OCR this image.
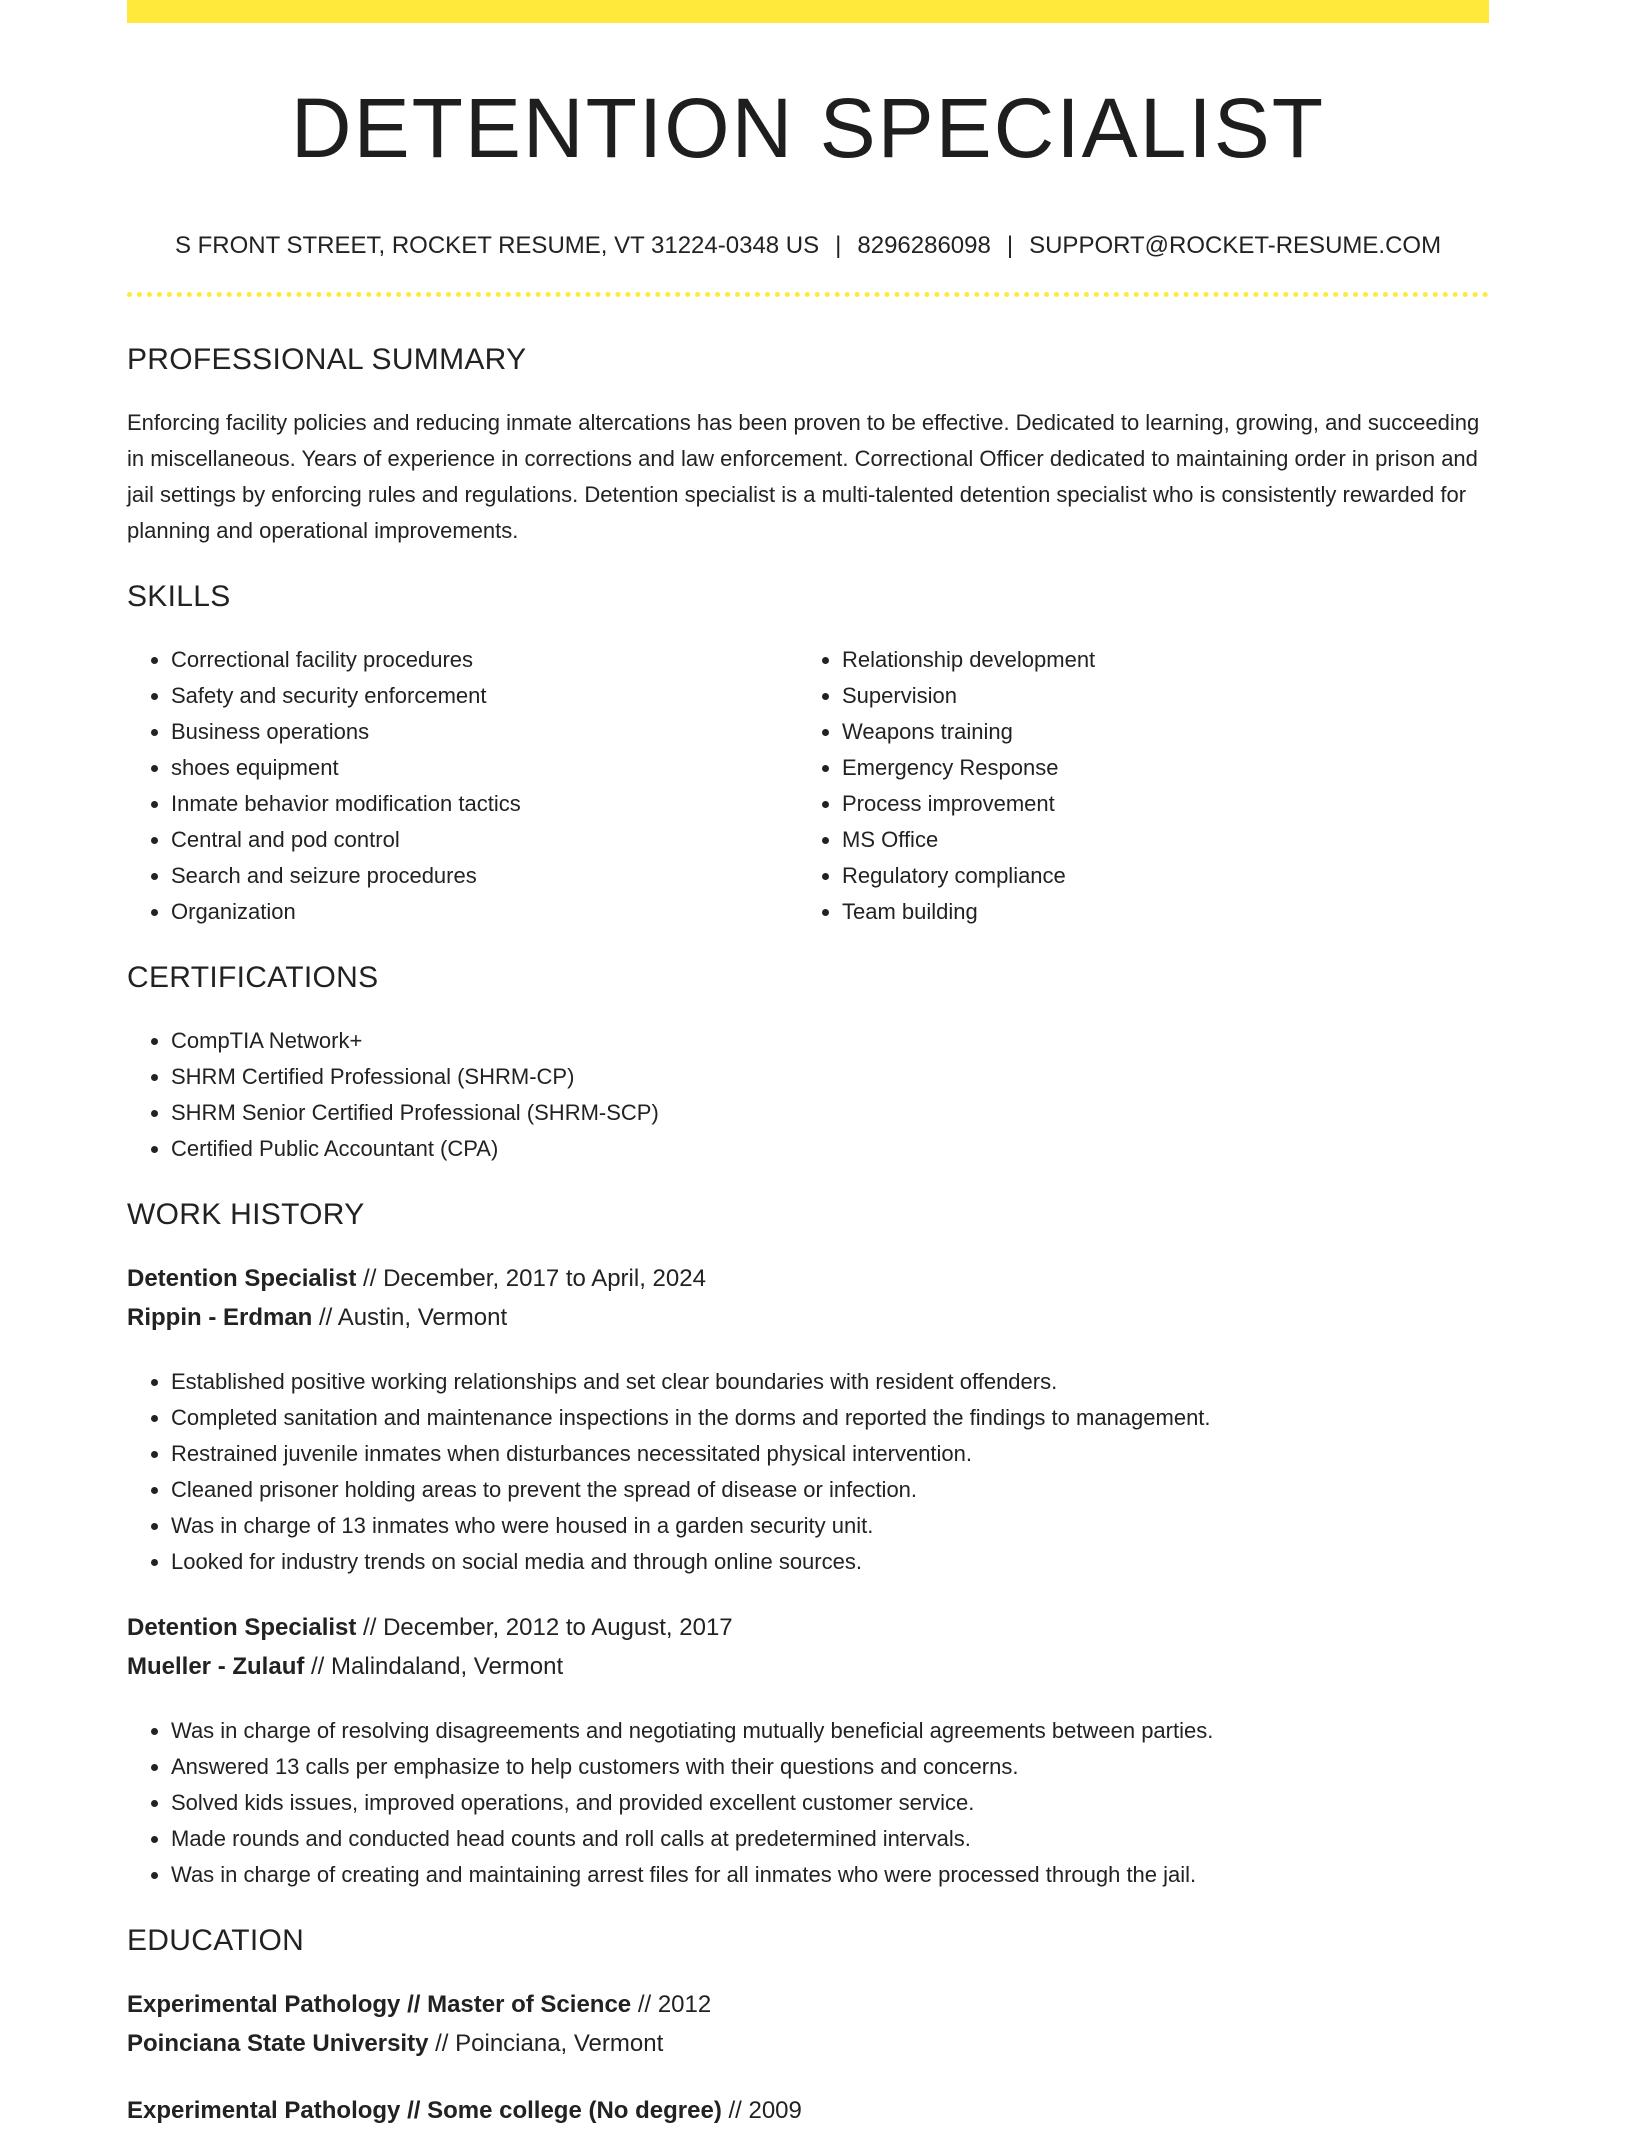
DETENTION SPECIALIST
S FRONT STREET, ROCKET RESUME, VT 31224-0348 US | 8296286098 | SUPPORT@ROCKET-RESUME.COM
PROFESSIONAL SUMMARY

Enforcing facility policies and reducing inmate altercations has been proven to be effective. Dedicated to learning, growing, and succeeding in miscellaneous. Years of experience in corrections and law enforcement. Correctional Officer dedicated to maintaining order in prison and jail settings by enforcing rules and regulations. Detention specialist is a multi-talented detention specialist who is consistently rewarded for planning and operational improvements.

SKILLS
• Correctional facility procedures
• Safety and security enforcement
• Business operations
• shoes equipment
• Inmate behavior modification tactics
• Central and pod control
• Search and seizure procedures
• Organization
• Relationship development
• Supervision
• Weapons training
• Emergency Response
• Process improvement
• MS Office
• Regulatory compliance
• Team building
CERTIFICATIONS
• CompTIA Network+
• SHRM Certified Professional (SHRM-CP)
• SHRM Senior Certified Professional (SHRM-SCP)
• Certified Public Accountant (CPA)
WORK HISTORY
Detention Specialist // December, 2017 to April, 2024
Rippin - Erdman // Austin, Vermont
• Established positive working relationships and set clear boundaries with resident offenders.
• Completed sanitation and maintenance inspections in the dorms and reported the findings to management.
• Restrained juvenile inmates when disturbances necessitated physical intervention.
• Cleaned prisoner holding areas to prevent the spread of disease or infection.
• Was in charge of 13 inmates who were housed in a garden security unit.
• Looked for industry trends on social media and through online sources.
Detention Specialist // December, 2012 to August, 2017
Mueller - Zulauf // Malindaland, Vermont
• Was in charge of resolving disagreements and negotiating mutually beneficial agreements between parties.
• Answered 13 calls per emphasize to help customers with their questions and concerns.
• Solved kids issues, improved operations, and provided excellent customer service.
• Made rounds and conducted head counts and roll calls at predetermined intervals.
• Was in charge of creating and maintaining arrest files for all inmates who were processed through the jail.
EDUCATION
Experimental Pathology // Master of Science // 2012
Poinciana State University // Poinciana, Vermont
Experimental Pathology // Some college (No degree) // 2009
